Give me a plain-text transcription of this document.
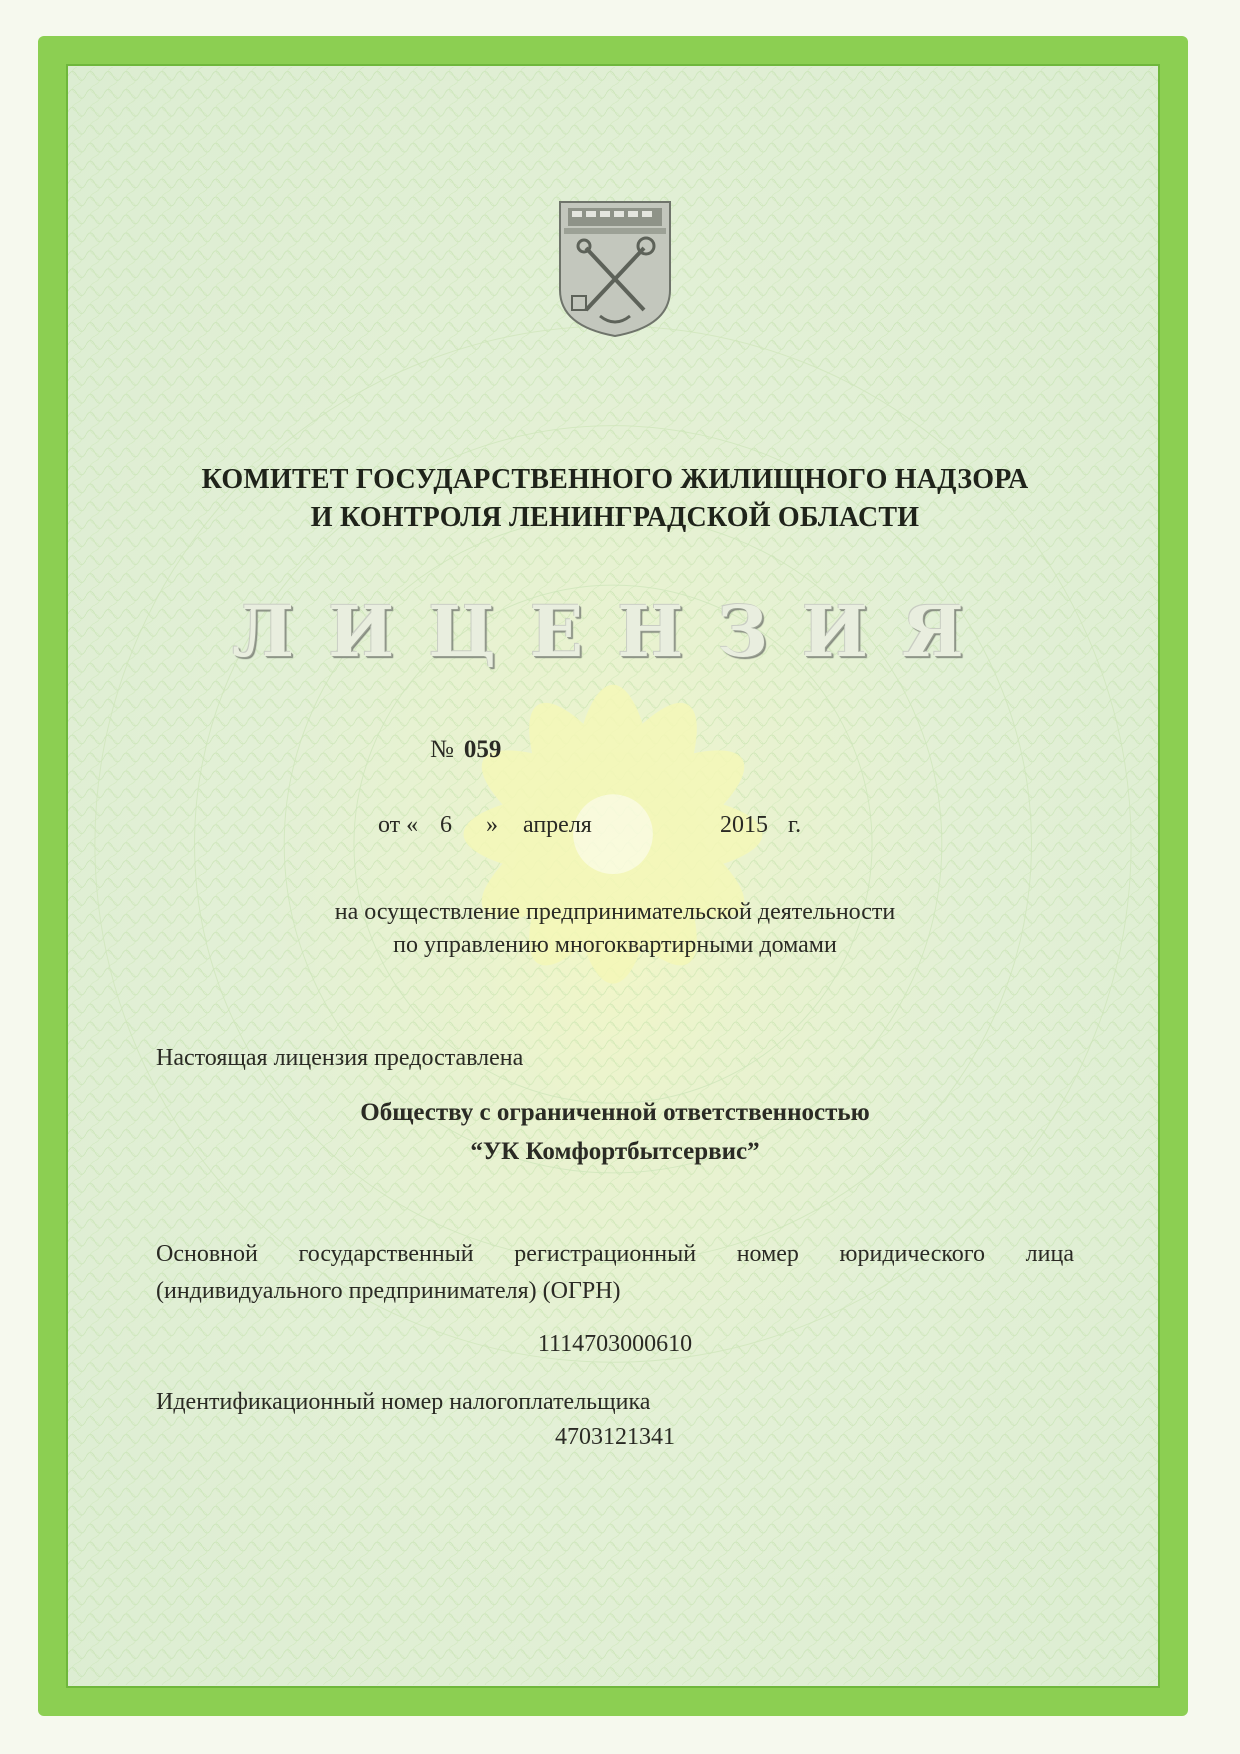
КОМИТЕТ ГОСУДАРСТВЕННОГО ЖИЛИЩНОГО НАДЗОРА
И КОНТРОЛЯ ЛЕНИНГРАДСКОЙ ОБЛАСТИ
ЛИЦЕНЗИЯ
№ 059
от « 6 » апреля	2015 г.
на осуществление предпринимательской деятельности
по управлению многоквартирными домами
Настоящая лицензия предоставлена
Обществу с ограниченной ответственностью
“УК Комфортбытсервис”
Основной государственный регистрационный номер юридического лица
(индивидуального предпринимателя) (ОГРН)
1114703000610
Идентификационный номер налогоплательщика
4703121341
